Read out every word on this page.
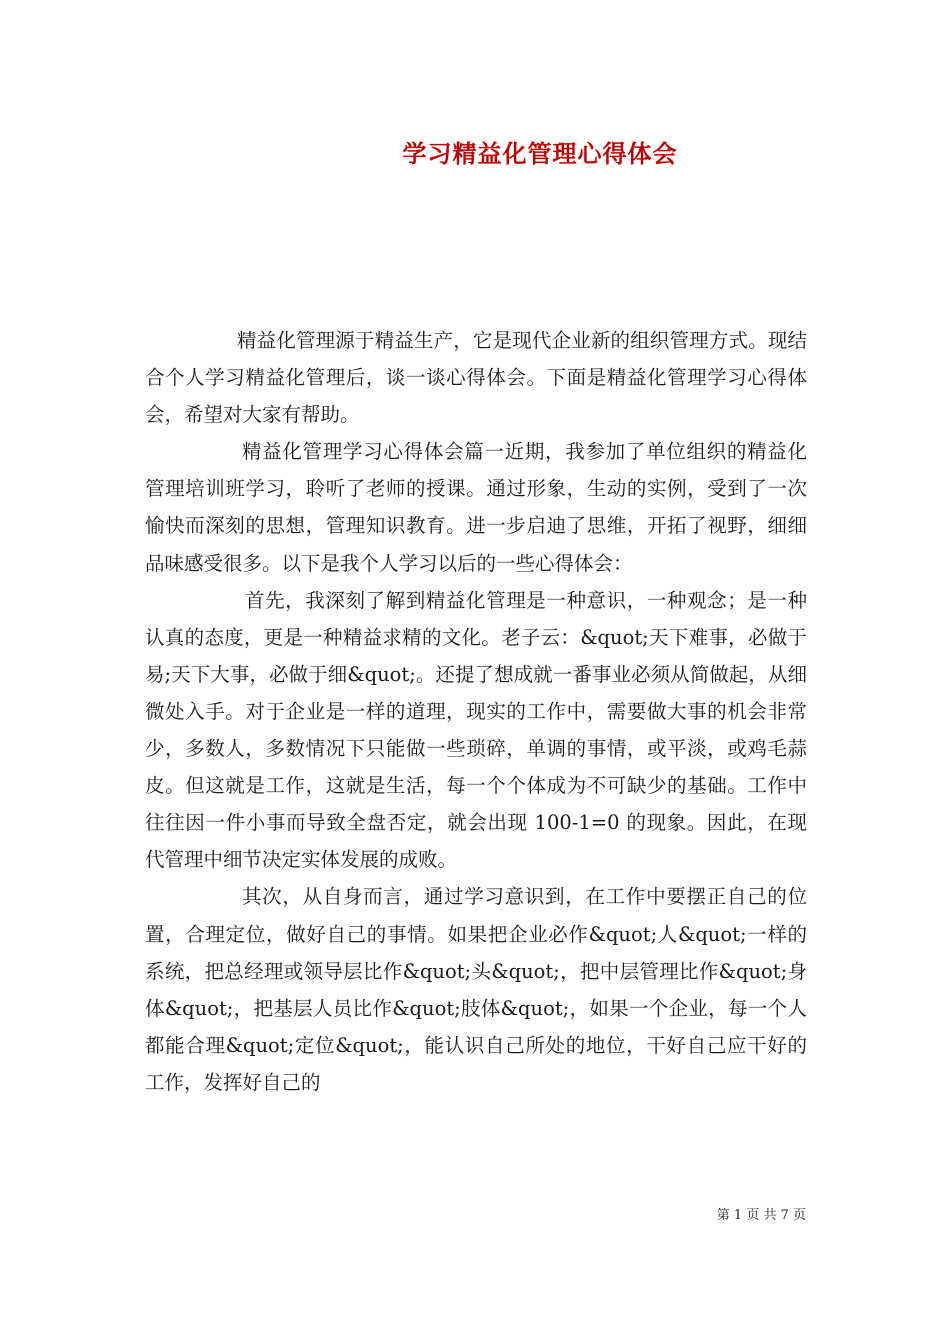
学习精益化管理心得体会

精益化管理源于精益生产，它是现代企业新的组织管理方式。现结合个人学习精益化管理后，谈一谈心得体会。下面是精益化管理学习心得体会，希望对大家有帮助。

精益化管理学习心得体会篇一近期，我参加了单位组织的精益化管理培训班学习，聆听了老师的授课。通过形象，生动的实例，受到了一次愉快而深刻的思想，管理知识教育。进一步启迪了思维，开拓了视野，细细品味感受很多。以下是我个人学习以后的一些心得体会：

首先，我深刻了解到精益化管理是一种意识，一种观念；是一种认真的态度，更是一种精益求精的文化。老子云：&quot;天下难事，必做于易;天下大事，必做于细&quot;。还提了想成就一番事业必须从简做起，从细微处入手。对于企业是一样的道理，现实的工作中，需要做大事的机会非常少，多数人，多数情况下只能做一些琐碎，单调的事情，或平淡，或鸡毛蒜皮。但这就是工作，这就是生活，每一个个体成为不可缺少的基础。工作中往往因一件小事而导致全盘否定，就会出现 100-1=0 的现象。因此，在现代管理中细节决定实体发展的成败。

其次，从自身而言，通过学习意识到，在工作中要摆正自己的位置，合理定位，做好自己的事情。如果把企业必作&quot;人&quot;一样的系统，把总经理或领导层比作&quot;头&quot;，把中层管理比作&quot;身体&quot;，把基层人员比作&quot;肢体&quot;，如果一个企业，每一个人都能合理&quot;定位&quot;，能认识自己所处的地位，干好自己应干好的工作，发挥好自己的

第 1 页 共 7 页
